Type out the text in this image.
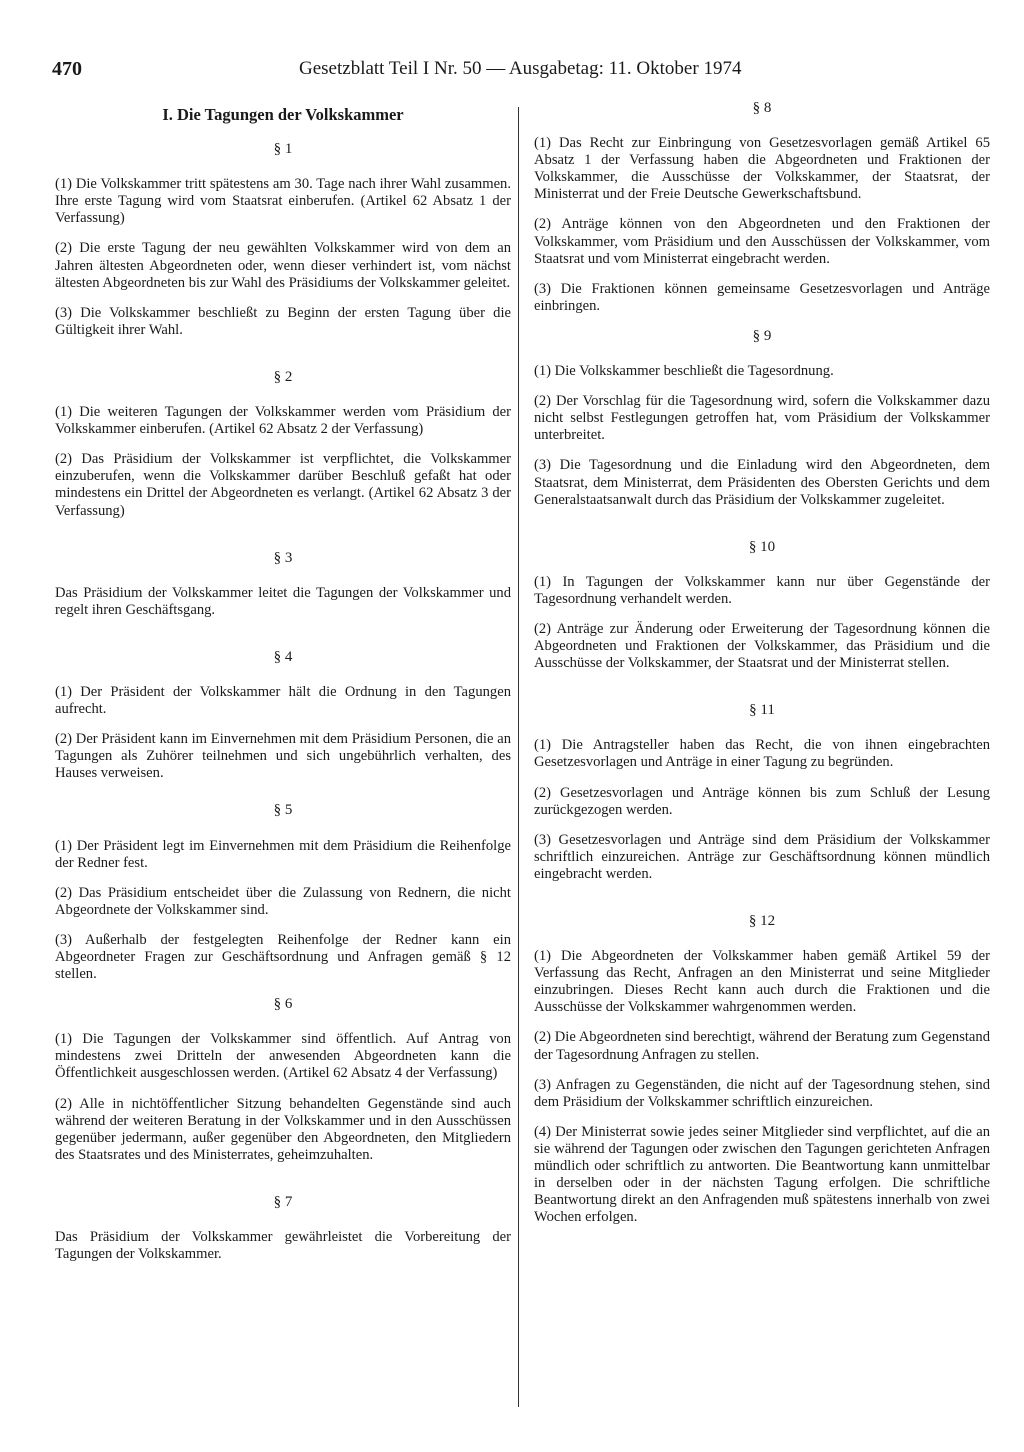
470	Gesetzblatt Teil I Nr. 50 — Ausgabetag: 11. Oktober 1974
I. Die Tagungen der Volkskammer
§ 1

(1) Die Volkskammer tritt spätestens am 30. Tage nach ihrer Wahl zusammen. Ihre erste Tagung wird vom Staatsrat einberufen. (Artikel 62 Absatz 1 der Verfassung)

(2) Die erste Tagung der neu gewählten Volkskammer wird von dem an Jahren ältesten Abgeordneten oder, wenn dieser verhindert ist, vom nächst ältesten Abgeordneten bis zur Wahl des Präsidiums der Volkskammer geleitet.

(3) Die Volkskammer beschließt zu Beginn der ersten Tagung über die Gültigkeit ihrer Wahl.

§ 2

(1) Die weiteren Tagungen der Volkskammer werden vom Präsidium der Volkskammer einberufen. (Artikel 62 Absatz 2 der Verfassung)

(2) Das Präsidium der Volkskammer ist verpflichtet, die Volkskammer einzuberufen, wenn die Volkskammer darüber Beschluß gefaßt hat oder mindestens ein Drittel der Abgeordneten es verlangt. (Artikel 62 Absatz 3 der Verfassung)

§ 3

Das Präsidium der Volkskammer leitet die Tagungen der Volkskammer und regelt ihren Geschäftsgang.

§ 4

(1) Der Präsident der Volkskammer hält die Ordnung in den Tagungen aufrecht.

(2) Der Präsident kann im Einvernehmen mit dem Präsidium Personen, die an Tagungen als Zuhörer teilnehmen und sich ungebührlich verhalten, des Hauses verweisen.

§ 5

(1) Der Präsident legt im Einvernehmen mit dem Präsidium die Reihenfolge der Redner fest.

(2) Das Präsidium entscheidet über die Zulassung von Rednern, die nicht Abgeordnete der Volkskammer sind.

(3) Außerhalb der festgelegten Reihenfolge der Redner kann ein Abgeordneter Fragen zur Geschäftsordnung und Anfragen gemäß § 12 stellen.

§ 6

(1) Die Tagungen der Volkskammer sind öffentlich. Auf Antrag von mindestens zwei Dritteln der anwesenden Abgeordneten kann die Öffentlichkeit ausgeschlossen werden. (Artikel 62 Absatz 4 der Verfassung)

(2) Alle in nichtöffentlicher Sitzung behandelten Gegenstände sind auch während der weiteren Beratung in der Volkskammer und in den Ausschüssen gegenüber jedermann, außer gegenüber den Abgeordneten, den Mitgliedern des Staatsrates und des Ministerrates, geheimzuhalten.

§ 7

Das Präsidium der Volkskammer gewährleistet die Vorbereitung der Tagungen der Volkskammer.

§ 8

(1) Das Recht zur Einbringung von Gesetzesvorlagen gemäß Artikel 65 Absatz 1 der Verfassung haben die Abgeordneten und Fraktionen der Volkskammer, die Ausschüsse der Volkskammer, der Staatsrat, der Ministerrat und der Freie Deutsche Gewerkschaftsbund.

(2) Anträge können von den Abgeordneten und den Fraktionen der Volkskammer, vom Präsidium und den Ausschüssen der Volkskammer, vom Staatsrat und vom Ministerrat eingebracht werden.

(3) Die Fraktionen können gemeinsame Gesetzesvorlagen und Anträge einbringen.

§ 9

(1) Die Volkskammer beschließt die Tagesordnung.

(2) Der Vorschlag für die Tagesordnung wird, sofern die Volkskammer dazu nicht selbst Festlegungen getroffen hat, vom Präsidium der Volkskammer unterbreitet.

(3) Die Tagesordnung und die Einladung wird den Abgeordneten, dem Staatsrat, dem Ministerrat, dem Präsidenten des Obersten Gerichts und dem Generalstaatsanwalt durch das Präsidium der Volkskammer zugeleitet.

§ 10

(1) In Tagungen der Volkskammer kann nur über Gegenstände der Tagesordnung verhandelt werden.

(2) Anträge zur Änderung oder Erweiterung der Tagesordnung können die Abgeordneten und Fraktionen der Volkskammer, das Präsidium und die Ausschüsse der Volkskammer, der Staatsrat und der Ministerrat stellen.

§ 11

(1) Die Antragsteller haben das Recht, die von ihnen eingebrachten Gesetzesvorlagen und Anträge in einer Tagung zu begründen.

(2) Gesetzesvorlagen und Anträge können bis zum Schluß der Lesung zurückgezogen werden.

(3) Gesetzesvorlagen und Anträge sind dem Präsidium der Volkskammer schriftlich einzureichen. Anträge zur Geschäftsordnung können mündlich eingebracht werden.

§ 12

(1) Die Abgeordneten der Volkskammer haben gemäß Artikel 59 der Verfassung das Recht, Anfragen an den Ministerrat und seine Mitglieder einzubringen. Dieses Recht kann auch durch die Fraktionen und die Ausschüsse der Volkskammer wahrgenommen werden.

(2) Die Abgeordneten sind berechtigt, während der Beratung zum Gegenstand der Tagesordnung Anfragen zu stellen.

(3) Anfragen zu Gegenständen, die nicht auf der Tagesordnung stehen, sind dem Präsidium der Volkskammer schriftlich einzureichen.

(4) Der Ministerrat sowie jedes seiner Mitglieder sind verpflichtet, auf die an sie während der Tagungen oder zwischen den Tagungen gerichteten Anfragen mündlich oder schriftlich zu antworten. Die Beantwortung kann unmittelbar in derselben oder in der nächsten Tagung erfolgen. Die schriftliche Beantwortung direkt an den Anfragenden muß spätestens innerhalb von zwei Wochen erfolgen.
